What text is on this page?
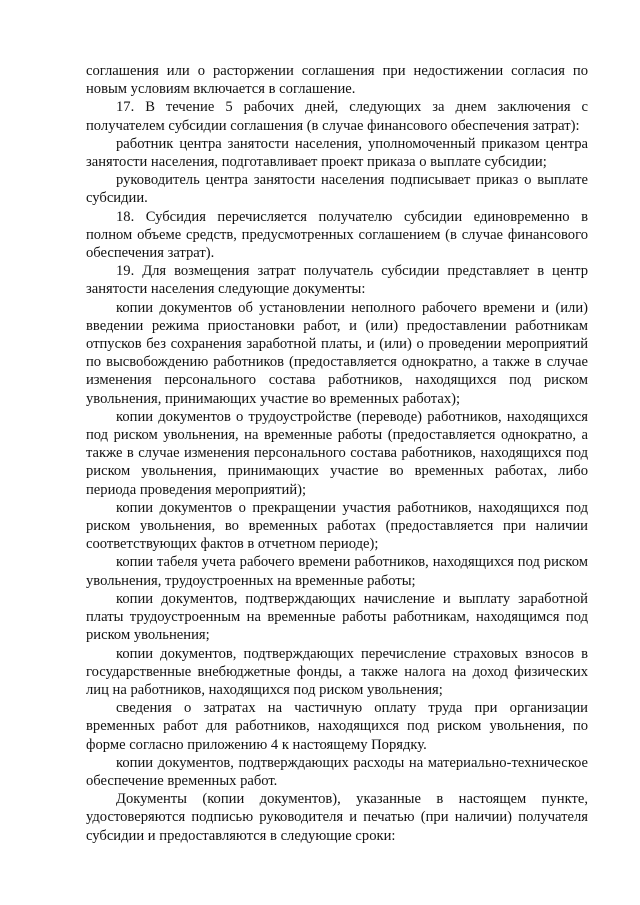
соглашения или о расторжении соглашения при недостижении согласия по новым условиям включается в соглашение.

17. В течение 5 рабочих дней, следующих за днем заключения с получателем субсидии соглашения (в случае финансового обеспечения затрат):

работник центра занятости населения, уполномоченный приказом центра занятости населения, подготавливает проект приказа о выплате субсидии;

руководитель центра занятости населения подписывает приказ о выплате субсидии.

18. Субсидия перечисляется получателю субсидии единовременно в полном объеме средств, предусмотренных соглашением (в случае финансового обеспечения затрат).

19. Для возмещения затрат получатель субсидии представляет в центр занятости населения следующие документы:

копии документов об установлении неполного рабочего времени и (или) введении режима приостановки работ, и (или) предоставлении работникам отпусков без сохранения заработной платы, и (или) о проведении мероприятий по высвобождению работников (предоставляется однократно, а также в случае изменения персонального состава работников, находящихся под риском увольнения, принимающих участие во временных работах);

копии документов о трудоустройстве (переводе) работников, находящихся под риском увольнения, на временные работы (предоставляется однократно, а также в случае изменения персонального состава работников, находящихся под риском увольнения, принимающих участие во временных работах, либо периода проведения мероприятий);

копии документов о прекращении участия работников, находящихся под риском увольнения, во временных работах (предоставляется при наличии соответствующих фактов в отчетном периоде);

копии табеля учета рабочего времени работников, находящихся под риском увольнения, трудоустроенных на временные работы;

копии документов, подтверждающих начисление и выплату заработной платы трудоустроенным на временные работы работникам, находящимся под риском увольнения;

копии документов, подтверждающих перечисление страховых взносов в государственные внебюджетные фонды, а также налога на доход физических лиц на работников, находящихся под риском увольнения;

сведения о затратах на частичную оплату труда при организации временных работ для работников, находящихся под риском увольнения, по форме согласно приложению 4 к настоящему Порядку.

копии документов, подтверждающих расходы на материально-техническое обеспечение временных работ.

Документы (копии документов), указанные в настоящем пункте, удостоверяются подписью руководителя и печатью (при наличии) получателя субсидии и предоставляются в следующие сроки:
